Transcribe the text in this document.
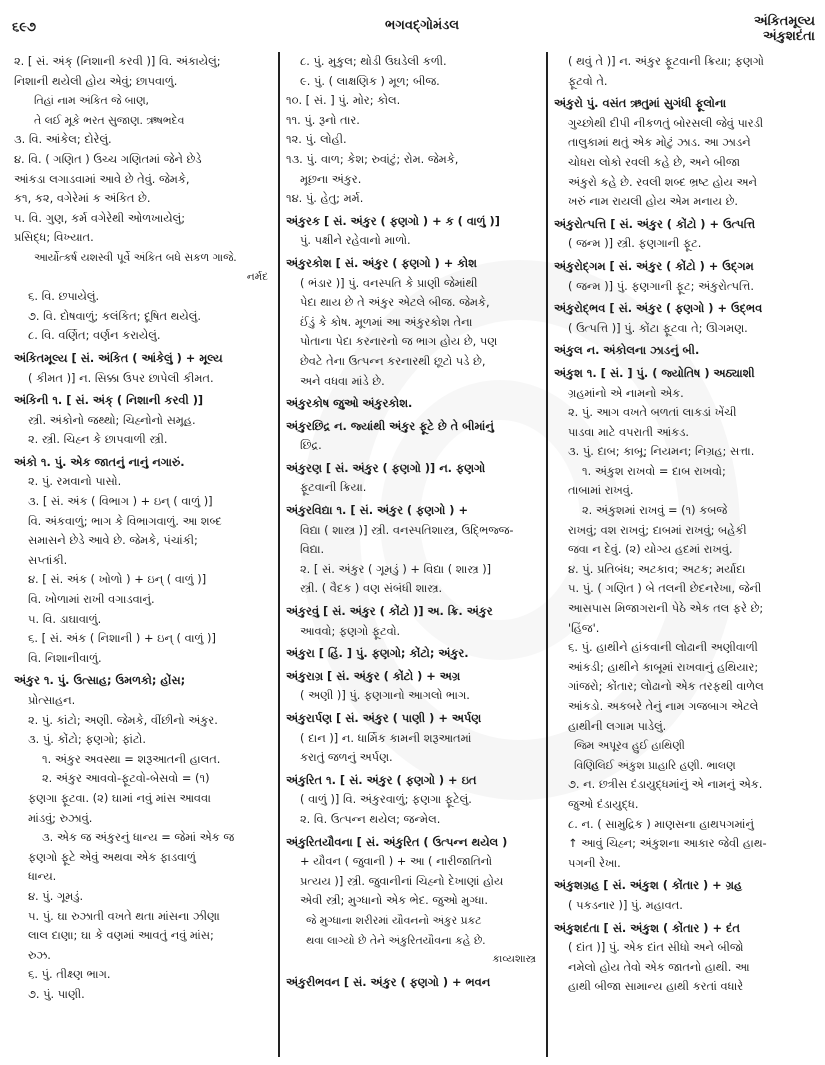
૬૯૭	ભગવદ્ગોમંડલ	અંકિતમૂલ્ય
અંકુશદંતા
૨. [ સં. અંક્ (નિશાની કરવી )] વિ. અંકાયેલું;
નિશાની થયેલી હોય એવું; છાપવાળું.
તિહાં નામ અંકિત જે બાણ,
તે લઈ મૂકે ભરત સુજાણ. ઋષભદેવ
૩. વિ. આંકેલ; દોરેલું.
૪. વિ. ( ગણિત ) ઉચ્ચ ગણિતમાં જેને છેડે
આંકડા લગાડવામાં આવે છે તેવું. જેમકે,
ક૧, ક૨, વગેરેમાં ક અંકિત છે.
૫. વિ. ગુણ, કર્મ વગેરેથી ઓળખાયેલું;
પ્રસિદ્ધ; વિખ્યાત.
આર્યોત્કર્ષ યશસ્વી પૂર્વે અંકિત બધે સકળ ગાજે.
નર્મદ
૬. વિ. છપાયેલું.
૭. વિ. દોષવાળું; કલંકિત; દૂષિત થયેલું.
૮. વિ. વર્ણિત; વર્ણન કરાયેલું.
અંકિતમૂલ્ય [ સં. અંકિત ( આંકેલું ) + મૂલ્ય
( કીમત )] ન. સિક્કા ઉપર છાપેલી કીમત.
અંકિની ૧. [ સં. અંક્ ( નિશાની કરવી )]
સ્ત્રી. અંકોનો જથ્થો; ચિહ્નોનો સમૂહ.
૨. સ્ત્રી. ચિહ્ન કે છાપવાળી સ્ત્રી.
અંકો ૧. પું. એક જાતનું નાનું નગારું.
૨. પું. રમવાનો પાસો.
૩. [ સં. અંક ( વિભાગ ) + ઇન્ ( વાળું )]
વિ. અંકવાળું; ભાગ કે વિભાગવાળું. આ શબ્દ
સમાસને છેડે આવે છે. જેમકે, પંચાંકી;
સપ્તાંકી.
૪. [ સં. અંક ( ખોળો ) + ઇન્ ( વાળું )]
વિ. ખોળામાં રાખી વગાડવાનું.
૫. વિ. ડાઘાવાળું.
૬. [ સં. અંક ( નિશાની ) + ઇન્ ( વાળું )]
વિ. નિશાનીવાળું.
અંકુર ૧. પું. ઉત્સાહ; ઉમળકો; હોંસ;
પ્રોત્સાહન.
૨. પું. કાંટો; અણી. જેમકે, વીંછીનો અંકુર.
૩. પું. કોંટો; ફણગો; ફાંટો.
૧. અંકુર અવસ્થા = શરૂઆતની હાલત.
૨. અંકુર આવવો-ફૂટવો-બેસવો = (૧)
ફણગા ફૂટવા. (૨) ઘામાં નવું માંસ આવવા
માંડવું; રુઝાવું.
૩. એક જ અંકુરનું ધાન્ય = જેમાં એક જ
ફણગો ફૂટે એવું અથવા એક ફાડવાળું
ધાન્ય.
૪. પું. ગૂમડું.
૫. પું. ઘા રુઝાતી વખતે થતા માંસના ઝીણા
લાલ દાણા; ઘા કે વણમાં આવતું નવું માંસ;
રુઝ.
૬. પું. તીક્ષ્ણ ભાગ.
૭. પું. પાણી.
૮. પું. મુકુલ; થોડી ઉઘડેલી કળી.
૯. પું. ( લાક્ષણિક ) મૂળ; બીજ.
૧૦. [ સં. ] પું. મોર; કોલ.
૧૧. પું. રૂનો તાર.
૧૨. પું. લોહી.
૧૩. પું. વાળ; કેશ; રુવાંટું; રોમ. જેમકે,
મૂછના અંકુર.
૧૪. પું. હેતુ; મર્મ.
અંકુરક [ સં. અંકુર ( ફણગો ) + ક ( વાળું )]
પું. પક્ષીને રહેવાનો માળો.
અંકુરકોશ [ સં. અંકુર ( ફણગો ) + કોશ
( ભંડાર )] પું. વનસ્પતિ કે પ્રાણી જેમાંથી
પેદા થાય છે તે અંકુર એટલે બીજ. જેમકે,
ઈંડું કે કોષ. મૂળમાં આ અંકુરકોશ તેના
પોતાના પેદા કરનારનો જ ભાગ હોય છે, પણ
છેવટે તેના ઉત્પન્ન કરનારથી છૂટો પડે છે,
અને વધવા માંડે છે.
અંકુરકોષ જુઓ અંકુરકોશ.
અંકુરછિદ્ર ન. જ્યાંથી અંકુર ફૂટે છે તે બીમાંનું
છિદ્ર.
અંકુરણ [ સં. અંકુર ( ફણગો )] ન. ફણગો
ફૂટવાની ક્રિયા.
અંકુરવિદ્યા ૧. [ સં. અંકુર ( ફણગો ) +
વિદ્યા ( શાસ્ત્ર )] સ્ત્રી. વનસ્પતિશાસ્ત્ર, ઉદ્ભિજ્જ-
વિદ્યા.
૨. [ સં. અંકુર ( ગૂમડું ) + વિદ્યા ( શાસ્ત્ર )]
સ્ત્રી. ( વૈદક ) વણ સંબંધી શાસ્ત્ર.
અંકુરવું [ સં. અંકુર ( કોંટો )] અ. ક્રિ. અંકુર
આવવો; ફણગો ફૂટવો.
અંકુરા [ હિં. ] પું. ફણગો; કોંટો; અંકુર.
અંકુરાગ્ર [ સં. અંકુર ( કોંટો ) + અગ્ર
( અણી )] પું. ફણગાનો આગલો ભાગ.
અંકુરાર્પણ [ સં. અંકુર ( પાણી ) + અર્પણ
( દાન )] ન. ધાર્મિક કામની શરૂઆતમાં
કરાતું જળનું અર્પણ.
અંકુરિત ૧. [ સં. અંકુર ( ફણગો ) + ઇત
( વાળું )] વિ. અંકુરવાળું; ફણગા ફૂટેલું.
૨. વિ. ઉત્પન્ન થયેલ; જન્મેલ.
અંકુરિતયૌવના [ સં. અંકુરિત ( ઉત્પન્ન થયેલ )
+ યૌવન ( જુવાની ) + આ ( નારીજાતિનો
પ્રત્યય )] સ્ત્રી. જુવાનીનાં ચિહ્નો દેખાણાં હોય
એવી સ્ત્રી; મુગ્ધાનો એક ભેદ. જુઓ મુગ્ધા.
જે મુગ્ધાના શરીરમાં યૌવનનો અંકુર પ્રકટ
થવા લાગ્યો છે તેને અંકુરિતયૌવના કહે છે.
કાવ્યશાસ્ત્ર
અંકુરીભવન [ સં. અંકુર ( ફણગો ) + ભવન
( થવું તે )] ન. અંકુર ફૂટવાની ક્રિયા; ફણગો
ફૂટવો તે.
અંકુરો પું. વસંત ઋતુમાં સુગંધી ફૂલોના
ગુચ્છોથી દીપી નીકળતું બોરસલી જેવું પારડી
તાલુકામાં થતું એક મોટું ઝાડ. આ ઝાડને
ચોધરા લોકો રવલી કહે છે, અને બીજા
અંકુરો કહે છે. રવલી શબ્દ ભ્રષ્ટ હોય અને
ખરું નામ રાયલી હોય એમ મનાય છે.
અંકુરોત્પત્તિ [ સં. અંકુર ( કોંટો ) + ઉત્પત્તિ
( જન્મ )] સ્ત્રી. ફણગાની ફૂટ.
અંકુરોદ્ગમ [ સં. અંકુર ( કોંટો ) + ઉદ્ગમ
( જન્મ )] પું. ફણગાની ફૂટ; અંકુરોત્પત્તિ.
અંકુરોદ્ભવ [ સં. અંકુર ( ફણગો ) + ઉદ્ભવ
( ઉત્પત્તિ )] પું. કોંટા ફૂટવા તે; ઊગમણ.
અંકુલ ન. અંકોલના ઝાડનું બી.
અંકુશ ૧. [ સં. ] પું. ( જ્યોતિષ ) અઠ્યાશી
ગ્રહમાંનો એ નામનો એક.
૨. પું. આગ વખતે બળતાં લાકડાં ખેંચી
પાડવા માટે વપરાતી આંકડ.
૩. પું. દાબ; કાબૂ; નિયમન; નિગ્રહ; સત્તા.
૧. અંકુશ રાખવો = દાબ રાખવો;
તાબામાં રાખવું.
૨. અંકુશમાં રાખવું = (૧) કબજે
રાખવું; વશ રાખવું; દાબમાં રાખવું; બહેકી
જવા ન દેવું. (૨) યોગ્ય હદમાં રાખવું.
૪. પું. પ્રતિબંધ; અટકાવ; અટક; મર્યાદા
૫. પું. ( ગણિત ) બે તલની છેદનરેખા, જેની
આસપાસ મિજાગરાની પેઠે એક તલ ફરે છે;
'હિંજ'.
૬. પું. હાથીને હાંકવાની લોઢાની અણીવાળી
આંકડી; હાથીને કાબૂમાં રાખવાનું હથિયાર;
ગાંજરો; કોંતાર; લોઢાનો એક તરફથી વાળેલ
આંકડો. અકબરે તેનું નામ ગજબાગ એટલે
હાથીની લગામ પાડેલું.
જિમ અપૂરવ હુઈ હાથિણી
વિણિલિઈ અંકુશ પ્રાહારિ હણી. ભાલણ
૭. ન. છત્રીસ દંડાયુદ્ધમાંનું એ નામનું એક.
જુઓ દંડાયુદ્ધ.
૮. ન. ( સામુદ્રિક ) માણસના હાથપગમાંનું
↑ આવું ચિહ્ન; અંકુશના આકાર જેવી હાથ-
પગની રેખા.
અંકુશગ્રહ [ સં. અંકુશ ( કોંતાર ) + ગ્રહ
( પકડનાર )] પું. મહાવત.
અંકુશદંતા [ સં. અંકુશ ( કોંતાર ) + દંત
( દાંત )] પું. એક દાંત સીધો અને બીજો
નમેલો હોય તેવો એક જાતનો હાથી. આ
હાથી બીજા સામાન્ય હાથી કરતાં વધારે
